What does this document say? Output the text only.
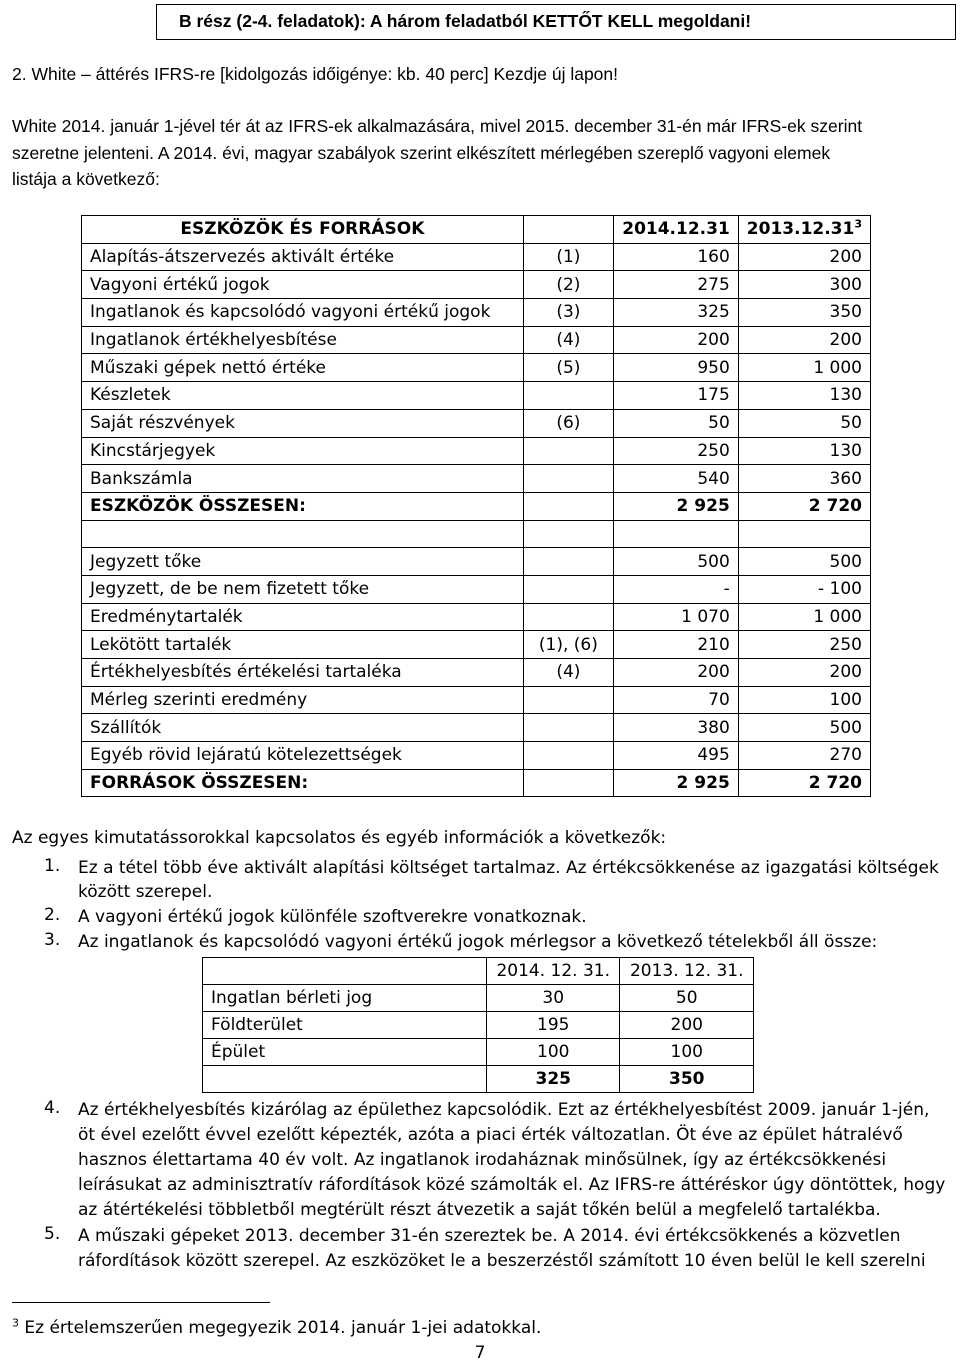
B rész (2-4. feladatok): A három feladatból KETTŐT KELL megoldani!
2. White – áttérés IFRS-re [kidolgozás időigénye: kb. 40 perc] Kezdje új lapon!
White 2014. január 1-jével tér át az IFRS-ek alkalmazására, mivel 2015. december 31-én már IFRS-ek szerint
szeretne jelenteni. A 2014. évi, magyar szabályok szerint elkészített mérlegében szereplő vagyoni elemek
listája a következő:
ESZKÖZÖK ÉS FORRÁSOK		2014.12.31	2013.12.31$^3$
Alapítás-átszervezés aktivált értéke	(1)	160	200
Vagyoni értékű jogok	(2)	275	300
Ingatlanok és kapcsolódó vagyoni értékű jogok	(3)	325	350
Ingatlanok értékhelyesbítése	(4)	200	200
Műszaki gépek nettó értéke	(5)	950	1 000
Készletek		175	130
Saját részvények	(6)	50	50
Kincstárjegyek		250	130
Bankszámla		540	360
ESZKÖZÖK ÖSSZESEN:		2 925	2 720

Jegyzett tőke		500	500
Jegyzett, de be nem fizetett tőke		-	- 100
Eredménytartalék		1 070	1 000
Lekötött tartalék	(1), (6)	210	250
Értékhelyesbítés értékelési tartaléka	(4)	200	200
Mérleg szerinti eredmény		70	100
Szállítók		380	500
Egyéb rövid lejáratú kötelezettségek		495	270
FORRÁSOK ÖSSZESEN:		2 925	2 720
Az egyes kimutatássorokkal kapcsolatos és egyéb információk a következők:
1. Ez a tétel több éve aktivált alapítási költséget tartalmaz. Az értékcsökkenése az igazgatási költségek
között szerepel.
2. A vagyoni értékű jogok különféle szoftverekre vonatkoznak.
3. Az ingatlanok és kapcsolódó vagyoni értékű jogok mérlegsor a következő tételekből áll össze:
	2014. 12. 31.	2013. 12. 31.
Ingatlan bérleti jog	30	50
Földterület	195	200
Épület	100	100
	325	350
4. Az értékhelyesbítés kizárólag az épülethez kapcsolódik. Ezt az értékhelyesbítést 2009. január 1-jén,
öt ével ezelőtt évvel ezelőtt képezték, azóta a piaci érték változatlan. Öt éve az épület hátralévő
hasznos élettartama 40 év volt. Az ingatlanok irodaháznak minősülnek, így az értékcsökkenési
leírásukat az adminisztratív ráfordítások közé számolták el. Az IFRS-re áttéréskor úgy döntöttek, hogy
az átértékelési többletből megtérült részt átvezetik a saját tőkén belül a megfelelő tartalékba.
5. A műszaki gépeket 2013. december 31-én szereztek be. A 2014. évi értékcsökkenés a közvetlen
ráfordítások között szerepel. Az eszközöket le a beszerzéstől számított 10 éven belül le kell szerelni
$^3$ Ez értelemszerűen megegyezik 2014. január 1-jei adatokkal.
7
